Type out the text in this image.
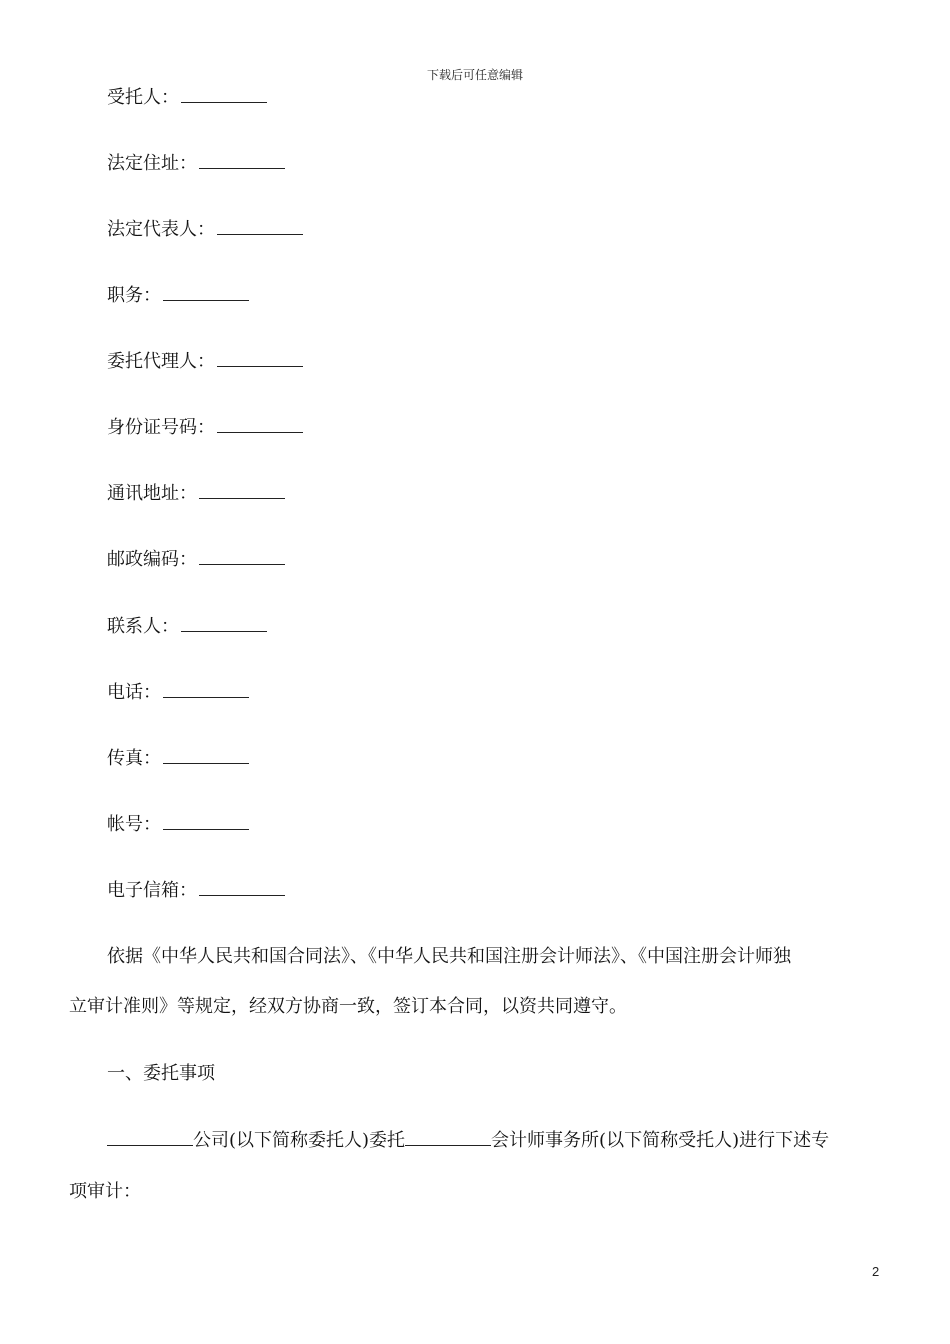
下载后可任意编辑
受托人：
法定住址：
法定代表人：
职务：
委托代理人：
身份证号码：
通讯地址：
邮政编码：
联系人：
电话：
传真：
帐号：
电子信箱：
依据《中华人民共和国合同法》、《中华人民共和国注册会计师法》、《中国注册会计师独
立审计准则》等规定，经双方协商一致，签订本合同，以资共同遵守。
一、委托事项
公司(以下简称委托人)委托	会计师事务所(以下简称受托人)进行下述专
项审计：
2
